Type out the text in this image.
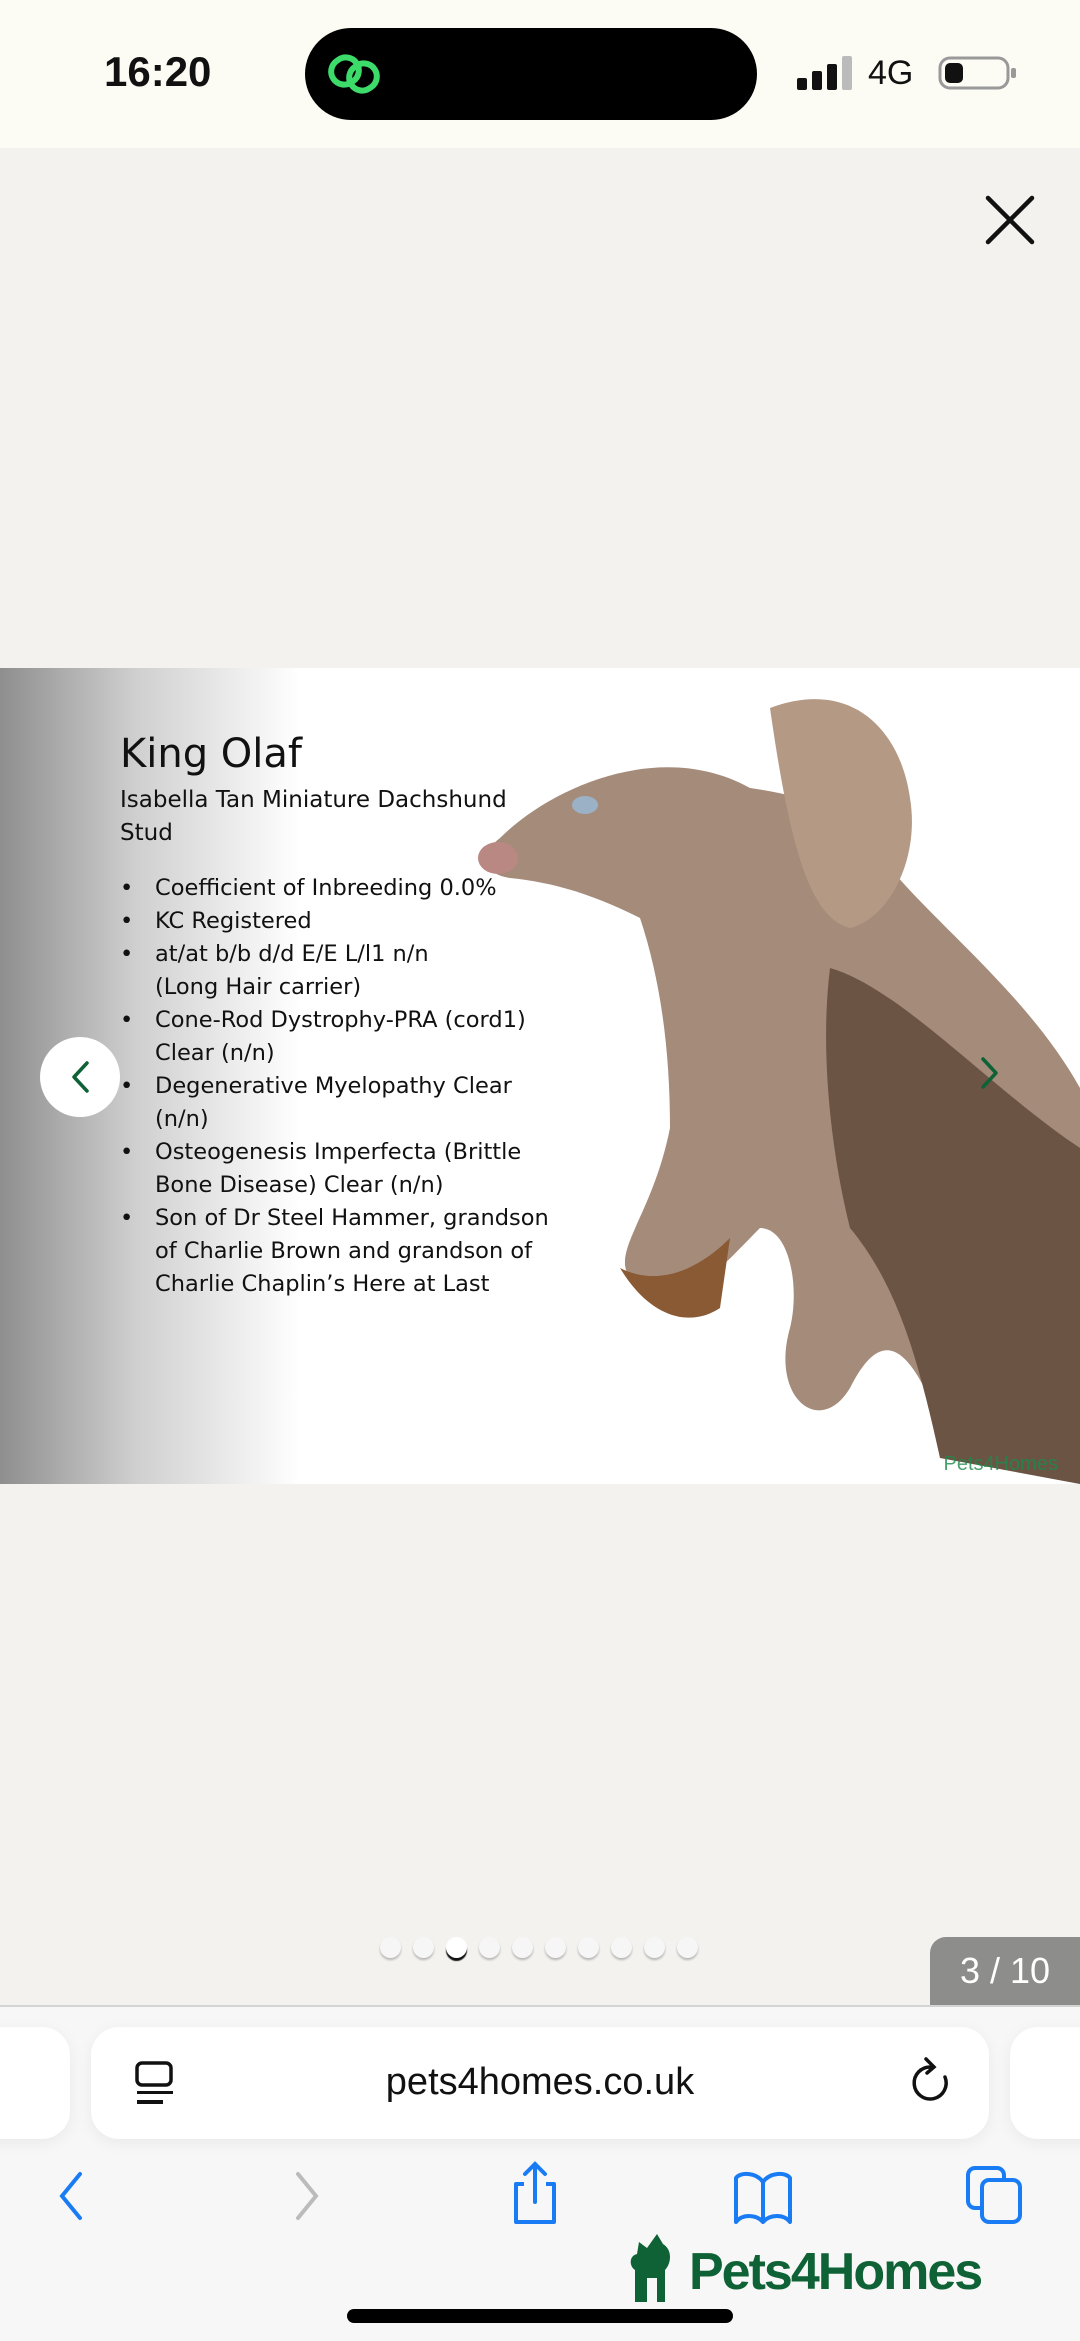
16:20	4G
King Olaf
Isabella Tan Miniature Dachshund Stud
• Coefficient of Inbreeding 0.0%
• KC Registered
• at/at b/b d/d E/E L/l1 n/n (Long Hair carrier)
• Cone-Rod Dystrophy-PRA (cord1) Clear (n/n)
• Degenerative Myelopathy Clear (n/n)
• Osteogenesis Imperfecta (Brittle Bone Disease) Clear (n/n)
• Son of Dr Steel Hammer, grandson of Charlie Brown and grandson of Charlie Chaplin’s Here at Last
Pets4Homes
3 / 10
pets4homes.co.uk
Pets4Homes
